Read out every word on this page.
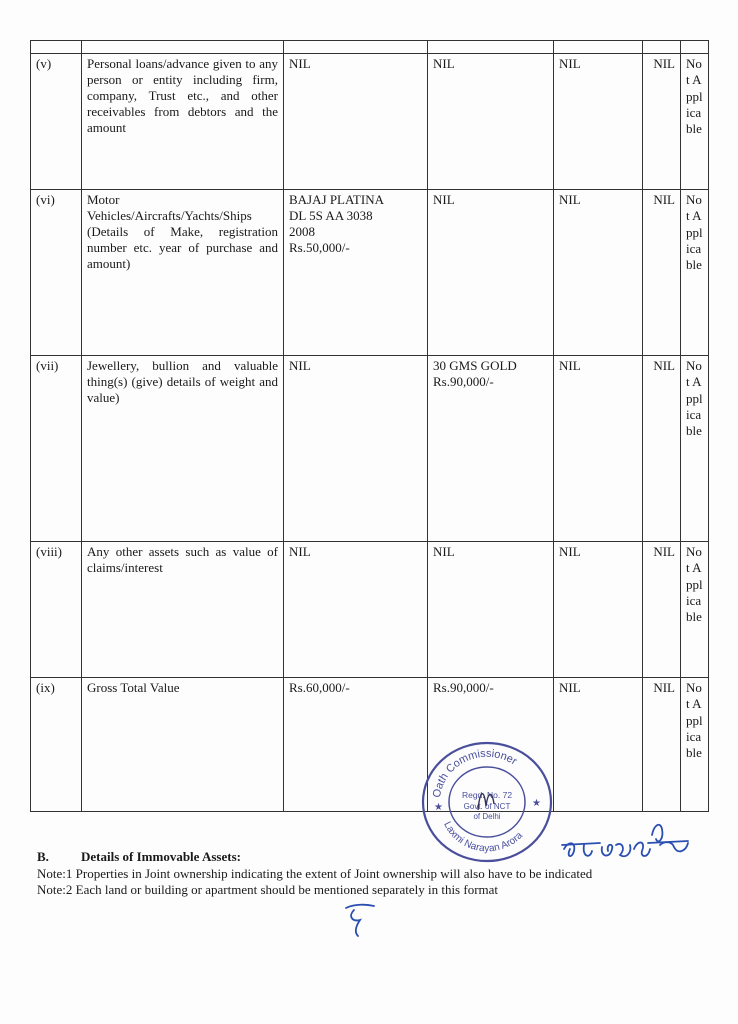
(v)	Personal loans/advance given to any person or entity including firm, company, Trust etc., and other receivables from debtors and the amount	NIL	NIL	NIL	NIL	Not Applicable
(vi)	Motor Vehicles/Aircrafts/Yachts/Ships (Details of Make, registration number etc. year of purchase and amount)	BAJAJ PLATINA
DL 5S AA 3038
2008
Rs.50,000/-	NIL	NIL	NIL	Not Applicable
(vii)	Jewellery, bullion and valuable thing(s) (give) details of weight and value)	NIL	30 GMS GOLD
Rs.90,000/-	NIL	NIL	Not Applicable
(viii)	Any other assets such as value of claims/interest	NIL	NIL	NIL	NIL	Not Applicable
(ix)	Gross Total Value	Rs.60,000/-	Rs.90,000/-	NIL	NIL	Not Applicable
Oath Commissioner
Laxmi Narayan Arora
Regd. No. 72
Govt. of NCT
of Delhi
★	★
B. Details of Immovable Assets:
Note:1 Properties in Joint ownership indicating the extent of Joint ownership will also have to be indicated
Note:2 Each land or building or apartment should be mentioned separately in this format
